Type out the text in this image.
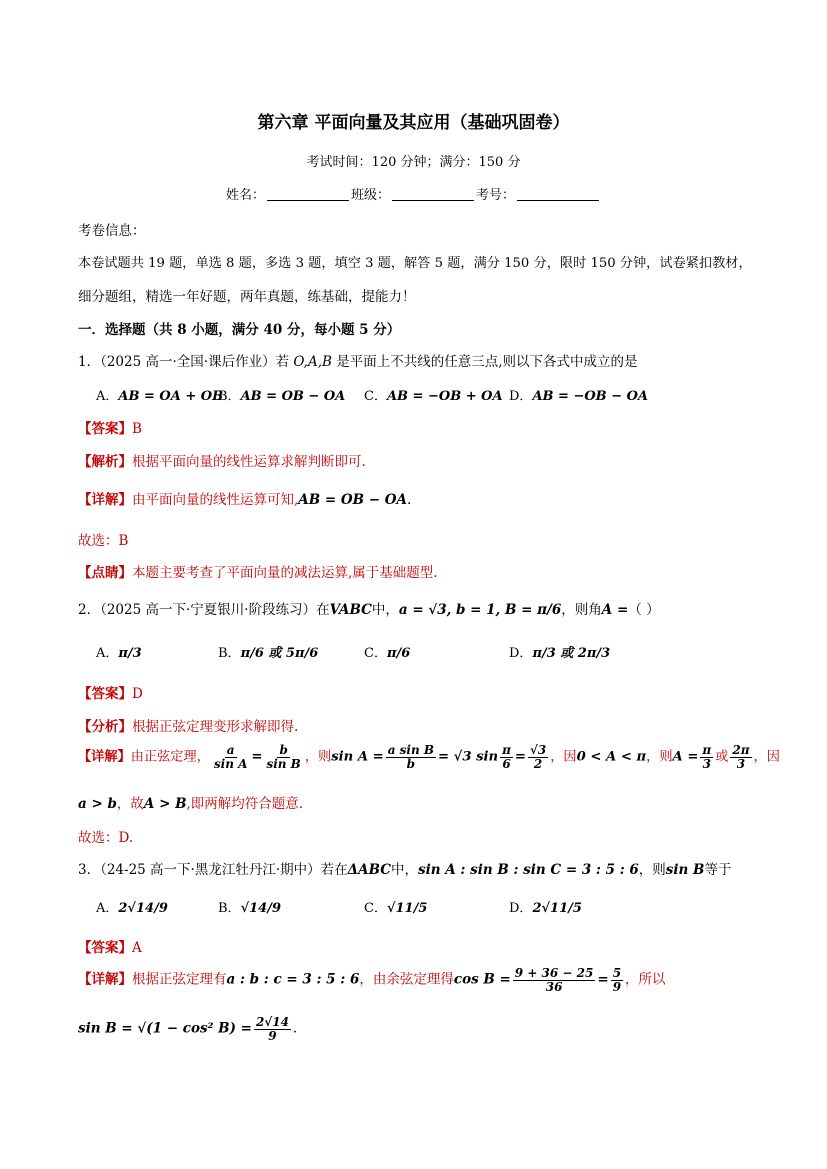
第六章 平面向量及其应用（基础巩固卷）
考试时间：120 分钟；满分：150 分
姓名：	班级：	考号：
考卷信息：
本卷试题共 19 题，单选 8 题，多选 3 题，填空 3 题，解答 5 题，满分 150 分，限时 150 分钟，试卷紧扣教材，
细分题组，精选一年好题，两年真题，练基础，提能力！
一．选择题（共 8 小题，满分 40 分，每小题 5 分）
1．（2025 高一·全国·课后作业）若 O,A,B 是平面上不共线的任意三点,则以下各式中成立的是
A．AB = OA + OB
B．AB = OB − OA C．AB = −OB + OA D．AB = −OB − OA
【答案】B
【解析】根据平面向量的线性运算求解判断即可.
【详解】由平面向量的线性运算可知,AB = OB − OA.
故选：B
【点睛】本题主要考查了平面向量的减法运算,属于基础题型.
2．（2025 高一下·宁夏银川·阶段练习）在VABC中，a = √3, b = 1, B = π/6，则角A =（ ）
A．π/3	B．π/6 或 5π/6	C．π/6	D．π/3 或 2π/3
【答案】D
【分析】根据正弦定理变形求解即得.
【详解】由正弦定理， $\frac{a}{\text{sin A}} = \frac{b}{\text{sin B}}$ ，则$\sin A = \frac{\text{a sin B}}{b} = √3$ $\sin \frac{\pi}{6} = \frac{√3}{2}$ ，因0 < A < π，则$A = \frac{\pi}{3}$ 或 $\frac{2\pi}{3}$ ，因
a > b，故A > B,即两解均符合题意.
故选：D.
3．（24-25 高一下·黑龙江牡丹江·期中）若在ΔABC中，sin A : sin B : sin C = 3 : 5 : 6，则sin B等于
A．2√14/9	B．√14/9	C．√11/5	D．2√11/5
【答案】A
【详解】根据正弦定理有a : b : c = 3 : 5 : 6，由余弦定理得$\cos B = \frac{9 + 36 - 25}{36} = \frac{5}{9}$ ，所以
sin B = √(1 − cos² $B) = \frac{2√14}{9}$ .
